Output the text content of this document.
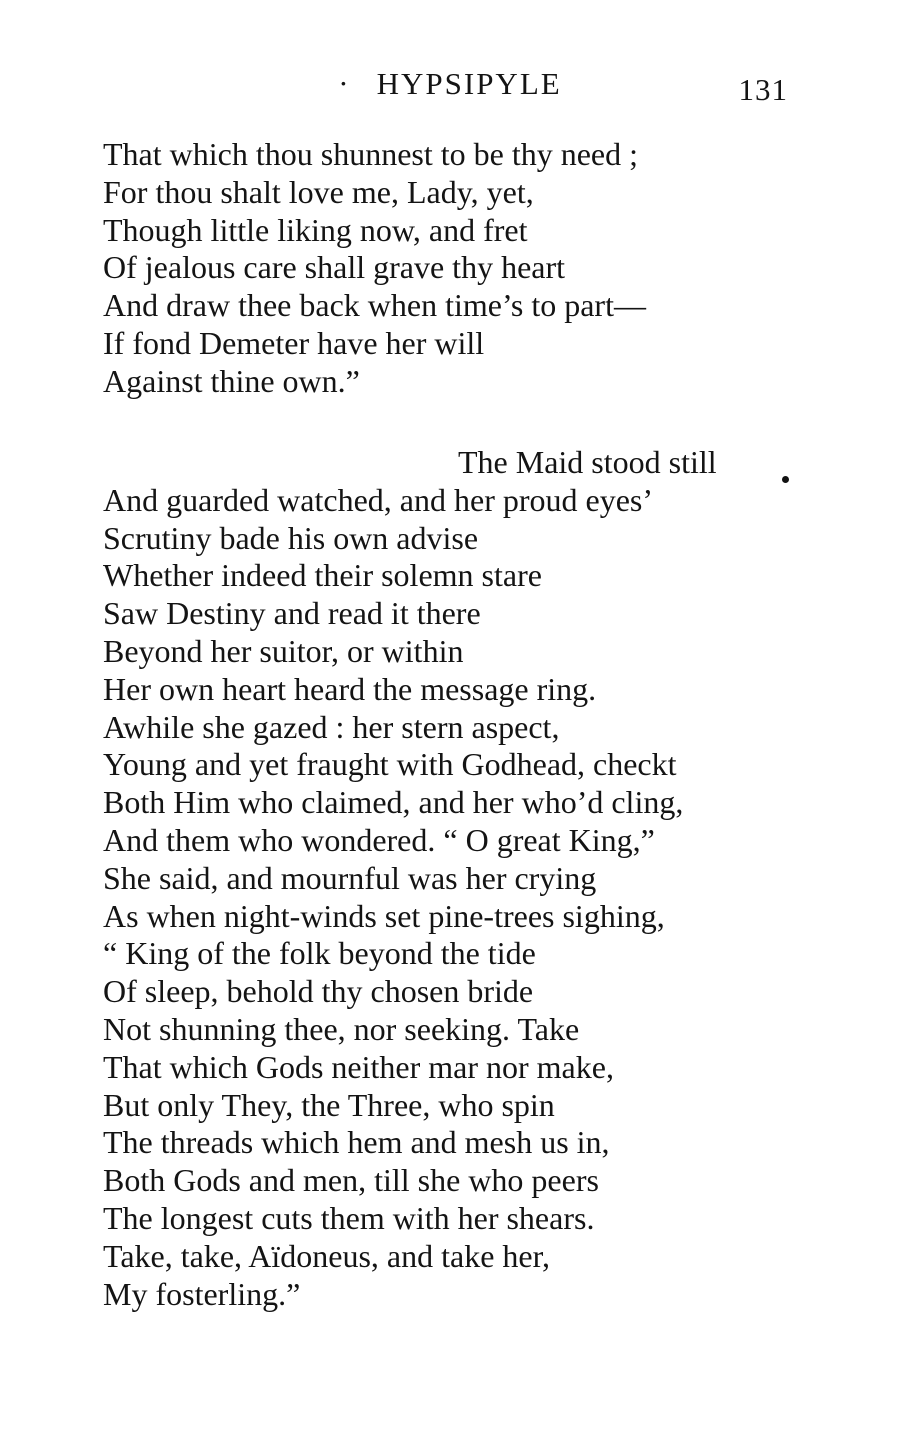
· HYPSIPYLE	131
That which thou shunnest to be thy need ;
For thou shalt love me, Lady, yet,
Though little liking now, and fret
Of jealous care shall grave thy heart
And draw thee back when time’s to part—
If fond Demeter have her will
Against thine own.”
The Maid stood still
And guarded watched, and her proud eyes’
Scrutiny bade his own advise
Whether indeed their solemn stare
Saw Destiny and read it there
Beyond her suitor, or within
Her own heart heard the message ring.
Awhile she gazed : her stern aspect,
Young and yet fraught with Godhead, checkt
Both Him who claimed, and her who’d cling,
And them who wondered. “ O great King,”
She said, and mournful was her crying
As when night-winds set pine-trees sighing,
“ King of the folk beyond the tide
Of sleep, behold thy chosen bride
Not shunning thee, nor seeking. Take
That which Gods neither mar nor make,
But only They, the Three, who spin
The threads which hem and mesh us in,
Both Gods and men, till she who peers
The longest cuts them with her shears.
Take, take, Aïdoneus, and take her,
My fosterling.”
